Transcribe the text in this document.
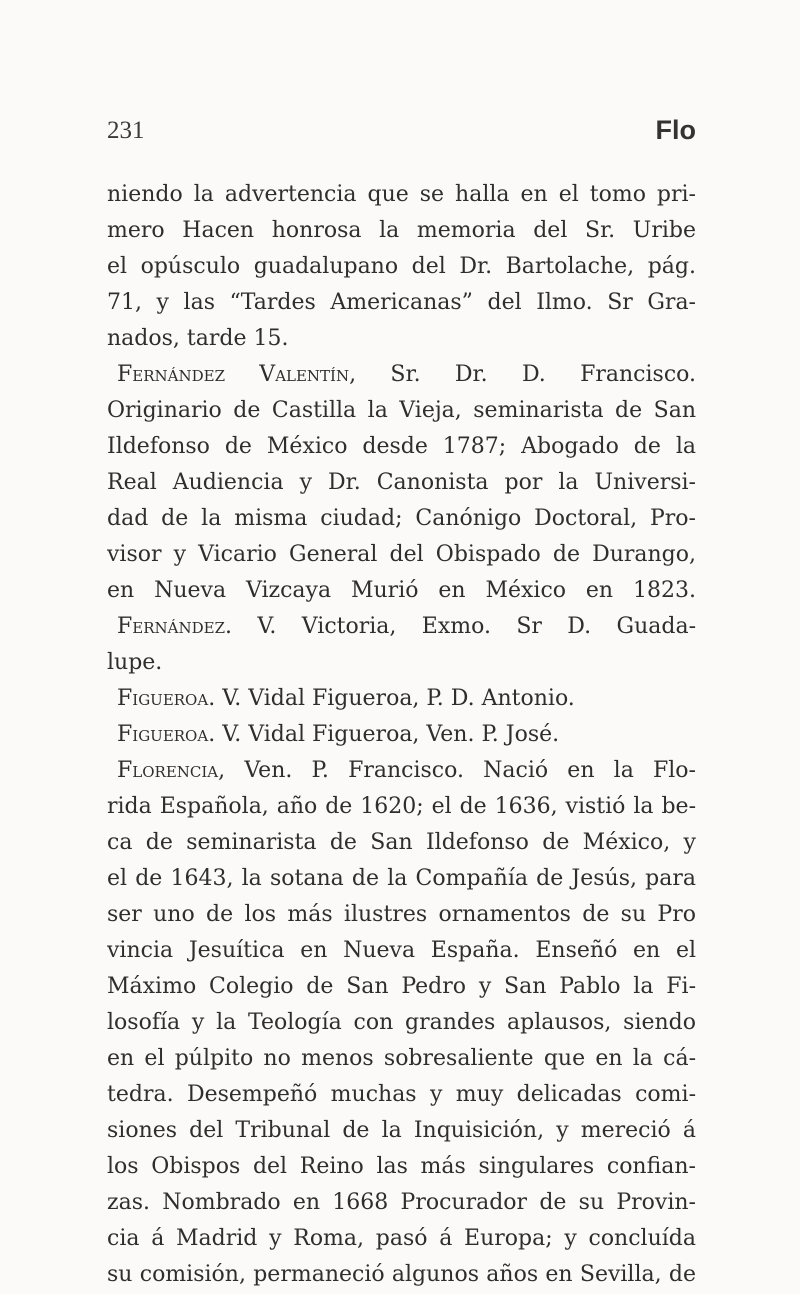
231	Flo
niendo la advertencia que se halla en el tomo pri-
mero Hacen honrosa la memoria del Sr. Uribe
el opúsculo guadalupano del Dr. Bartolache, pág.
71, y las “Tardes Americanas” del Ilmo. Sr Gra-
nados, tarde 15.
Fernández Valentín, Sr. Dr. D. Francisco.
Originario de Castilla la Vieja, seminarista de San
Ildefonso de México desde 1787; Abogado de la
Real Audiencia y Dr. Canonista por la Universi-
dad de la misma ciudad; Canónigo Doctoral, Pro-
visor y Vicario General del Obispado de Durango,
en Nueva Vizcaya Murió en México en 1823.
Fernández. V. Victoria, Exmo. Sr D. Guada-
lupe.
Figueroa. V. Vidal Figueroa, P. D. Antonio.
Figueroa. V. Vidal Figueroa, Ven. P. José.
Florencia, Ven. P. Francisco. Nació en la Flo-
rida Española, año de 1620; el de 1636, vistió la be-
ca de seminarista de San Ildefonso de México, y
el de 1643, la sotana de la Compañía de Jesús, para
ser uno de los más ilustres ornamentos de su Pro
vincia Jesuítica en Nueva España. Enseñó en el
Máximo Colegio de San Pedro y San Pablo la Fi-
losofía y la Teología con grandes aplausos, siendo
en el púlpito no menos sobresaliente que en la cá-
tedra. Desempeñó muchas y muy delicadas comi-
siones del Tribunal de la Inquisición, y mereció á
los Obispos del Reino las más singulares confian-
zas. Nombrado en 1668 Procurador de su Provin-
cia á Madrid y Roma, pasó á Europa; y concluída
su comisión, permaneció algunos años en Sevilla, de
